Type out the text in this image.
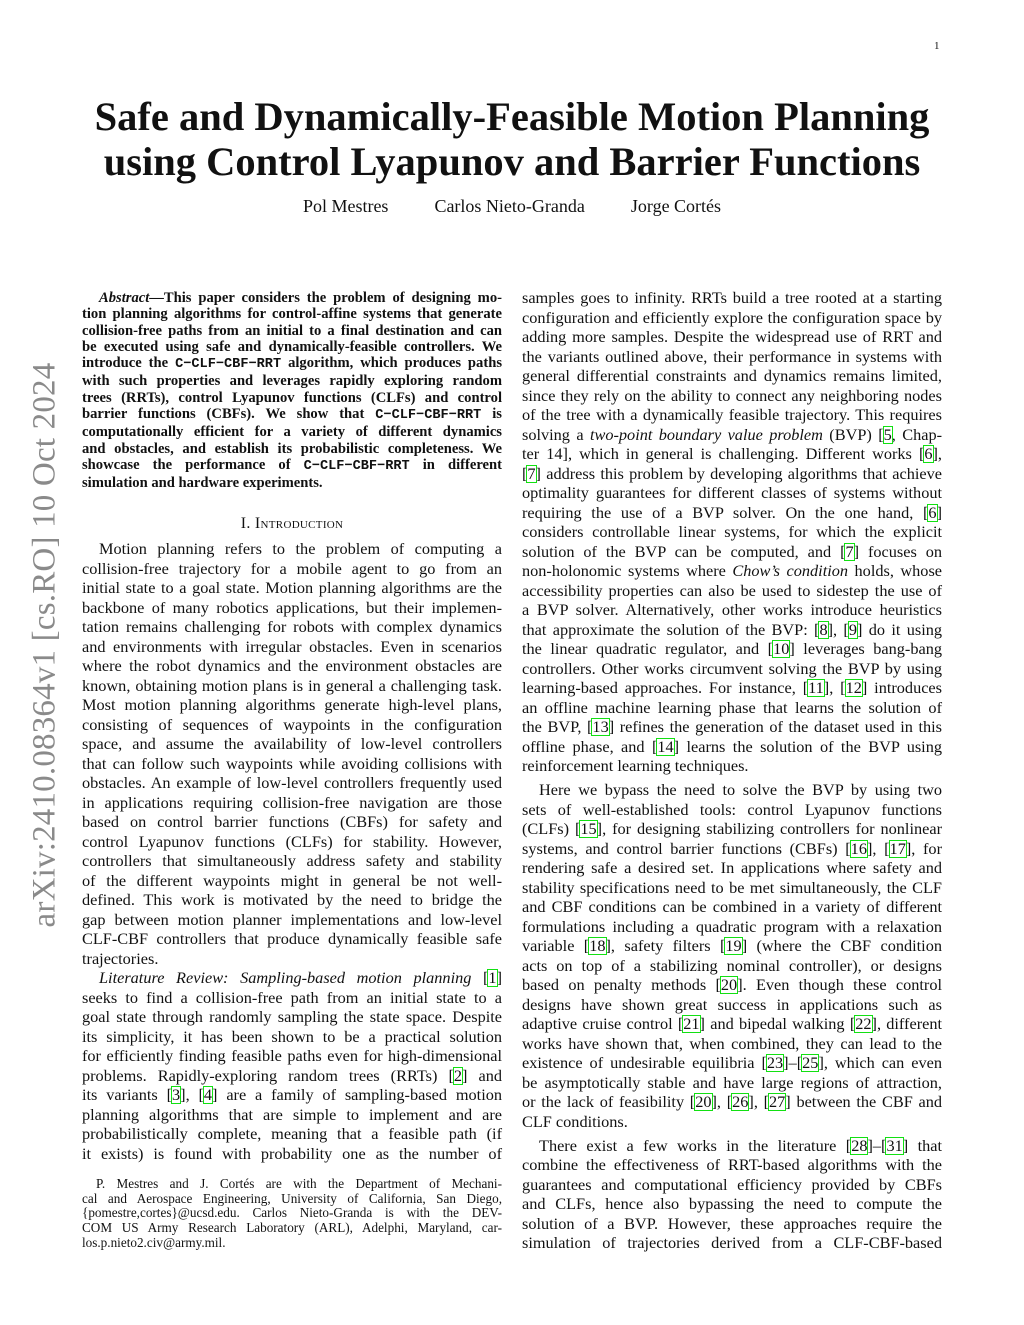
1
arXiv:2410.08364v1 [cs.RO] 10 Oct 2024
Safe and Dynamically-Feasible Motion Planning
using Control Lyapunov and Barrier Functions
Pol Mestres	Carlos Nieto-Granda	Jorge Cortés
Abstract—This paper considers the problem of designing mo-
tion planning algorithms for control-affine systems that generate
collision-free paths from an initial to a final destination and can
be executed using safe and dynamically-feasible controllers. We
introduce the C−CLF−CBF−RRT algorithm, which produces paths
with such properties and leverages rapidly exploring random
trees (RRTs), control Lyapunov functions (CLFs) and control
barrier functions (CBFs). We show that C−CLF−CBF−RRT is
computationally efficient for a variety of different dynamics
and obstacles, and establish its probabilistic completeness. We
showcase the performance of C−CLF−CBF−RRT in different
simulation and hardware experiments.
I. Introduction
Motion planning refers to the problem of computing a
collision-free trajectory for a mobile agent to go from an
initial state to a goal state. Motion planning algorithms are the
backbone of many robotics applications, but their implemen-
tation remains challenging for robots with complex dynamics
and environments with irregular obstacles. Even in scenarios
where the robot dynamics and the environment obstacles are
known, obtaining motion plans is in general a challenging task.
Most motion planning algorithms generate high-level plans,
consisting of sequences of waypoints in the configuration
space, and assume the availability of low-level controllers
that can follow such waypoints while avoiding collisions with
obstacles. An example of low-level controllers frequently used
in applications requiring collision-free navigation are those
based on control barrier functions (CBFs) for safety and
control Lyapunov functions (CLFs) for stability. However,
controllers that simultaneously address safety and stability
of the different waypoints might in general be not well-
defined. This work is motivated by the need to bridge the
gap between motion planner implementations and low-level
CLF-CBF controllers that produce dynamically feasible safe
trajectories.
Literature Review: Sampling-based motion planning [1]
seeks to find a collision-free path from an initial state to a
goal state through randomly sampling the state space. Despite
its simplicity, it has been shown to be a practical solution
for efficiently finding feasible paths even for high-dimensional
problems. Rapidly-exploring random trees (RRTs) [2] and
its variants [3], [4] are a family of sampling-based motion
planning algorithms that are simple to implement and are
probabilistically complete, meaning that a feasible path (if
it exists) is found with probability one as the number of
P. Mestres and J. Cortés are with the Department of Mechani-
cal and Aerospace Engineering, University of California, San Diego,
{pomestre,cortes}@ucsd.edu. Carlos Nieto-Granda is with the DEV-
COM US Army Research Laboratory (ARL), Adelphi, Maryland, car-
los.p.nieto2.civ@army.mil.
samples goes to infinity. RRTs build a tree rooted at a starting
configuration and efficiently explore the configuration space by
adding more samples. Despite the widespread use of RRT and
the variants outlined above, their performance in systems with
general differential constraints and dynamics remains limited,
since they rely on the ability to connect any neighboring nodes
of the tree with a dynamically feasible trajectory. This requires
solving a two-point boundary value problem (BVP) [5, Chap-
ter 14], which in general is challenging. Different works [6],
[7] address this problem by developing algorithms that achieve
optimality guarantees for different classes of systems without
requiring the use of a BVP solver. On the one hand, [6]
considers controllable linear systems, for which the explicit
solution of the BVP can be computed, and [7] focuses on
non-holonomic systems where Chow’s condition holds, whose
accessibility properties can also be used to sidestep the use of
a BVP solver. Alternatively, other works introduce heuristics
that approximate the solution of the BVP: [8], [9] do it using
the linear quadratic regulator, and [10] leverages bang-bang
controllers. Other works circumvent solving the BVP by using
learning-based approaches. For instance, [11], [12] introduces
an offline machine learning phase that learns the solution of
the BVP, [13] refines the generation of the dataset used in this
offline phase, and [14] learns the solution of the BVP using
reinforcement learning techniques.
Here we bypass the need to solve the BVP by using two
sets of well-established tools: control Lyapunov functions
(CLFs) [15], for designing stabilizing controllers for nonlinear
systems, and control barrier functions (CBFs) [16], [17], for
rendering safe a desired set. In applications where safety and
stability specifications need to be met simultaneously, the CLF
and CBF conditions can be combined in a variety of different
formulations including a quadratic program with a relaxation
variable [18], safety filters [19] (where the CBF condition
acts on top of a stabilizing nominal controller), or designs
based on penalty methods [20]. Even though these control
designs have shown great success in applications such as
adaptive cruise control [21] and bipedal walking [22], different
works have shown that, when combined, they can lead to the
existence of undesirable equilibria [23]–[25], which can even
be asymptotically stable and have large regions of attraction,
or the lack of feasibility [20], [26], [27] between the CBF and
CLF conditions.
There exist a few works in the literature [28]–[31] that
combine the effectiveness of RRT-based algorithms with the
guarantees and computational efficiency provided by CBFs
and CLFs, hence also bypassing the need to compute the
solution of a BVP. However, these approaches require the
simulation of trajectories derived from a CLF-CBF-based
